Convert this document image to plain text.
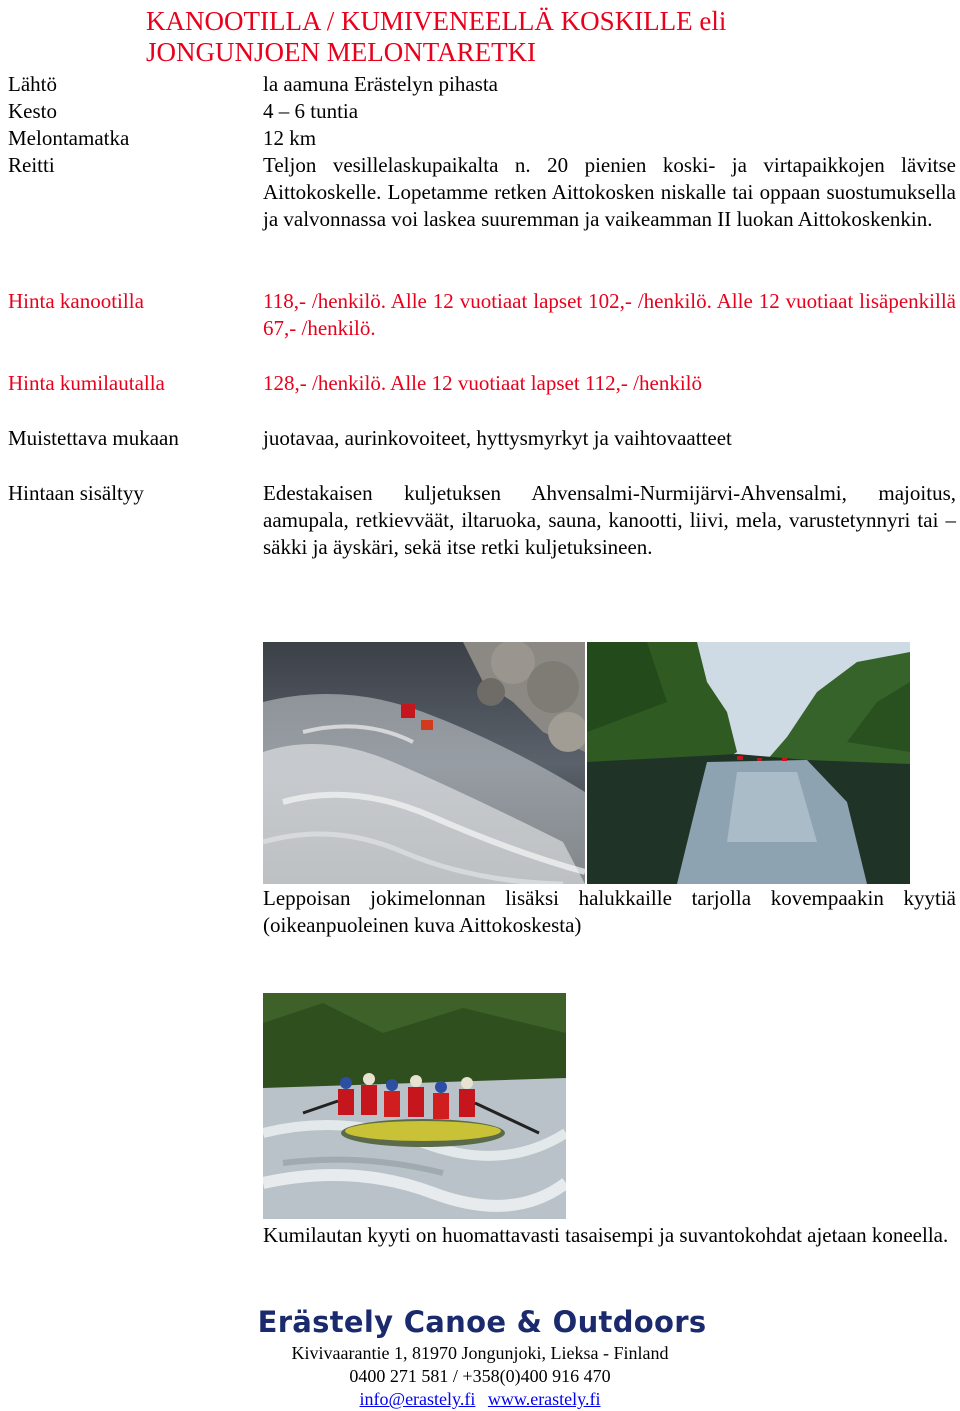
KANOOTILLA / KUMIVENEELLÄ KOSKILLE eli
JONGUNJOEN MELONTARETKI
Lähtö	la aamuna Erästelyn pihasta
Kesto	4 – 6 tuntia
Melontamatka	12 km
Reitti	Teljon vesillelaskupaikalta n. 20 pienien koski- ja virtapaikkojen lävitse Aittokoskelle. Lopetamme retken Aittokosken niskalle tai oppaan suostumuksella ja valvonnassa voi laskea suuremman ja vaikeamman II luokan Aittokoskenkin.
Hinta kanootilla	118,- /henkilö. Alle 12 vuotiaat lapset 102,- /henkilö. Alle 12 vuotiaat lisäpenkillä 67,- /henkilö.
Hinta kumilautalla	128,- /henkilö. Alle 12 vuotiaat lapset 112,- /henkilö
Muistettava mukaan	juotavaa, aurinkovoiteet, hyttysmyrkyt ja vaihtovaatteet
Hintaan sisältyy	Edestakaisen kuljetuksen Ahvensalmi-Nurmijärvi-Ahvensalmi, majoitus, aamupala, retkievväät, iltaruoka, sauna, kanootti, liivi, mela, varustetynnyri tai –säkki ja äyskäri, sekä itse retki kuljetuksineen.
Leppoisan jokimelonnan lisäksi halukkaille tarjolla kovempaakin kyytiä (oikeanpuoleinen kuva Aittokoskesta)
Kumilautan kyyti on huomattavasti tasaisempi ja suvantokohdat ajetaan koneella.
Erästely Canoe & Outdoors
Kivivaarantie 1, 81970 Jongunjoki, Lieksa - Finland
0400 271 581 / +358(0)400 916 470
info@erastely.fi www.erastely.fi
